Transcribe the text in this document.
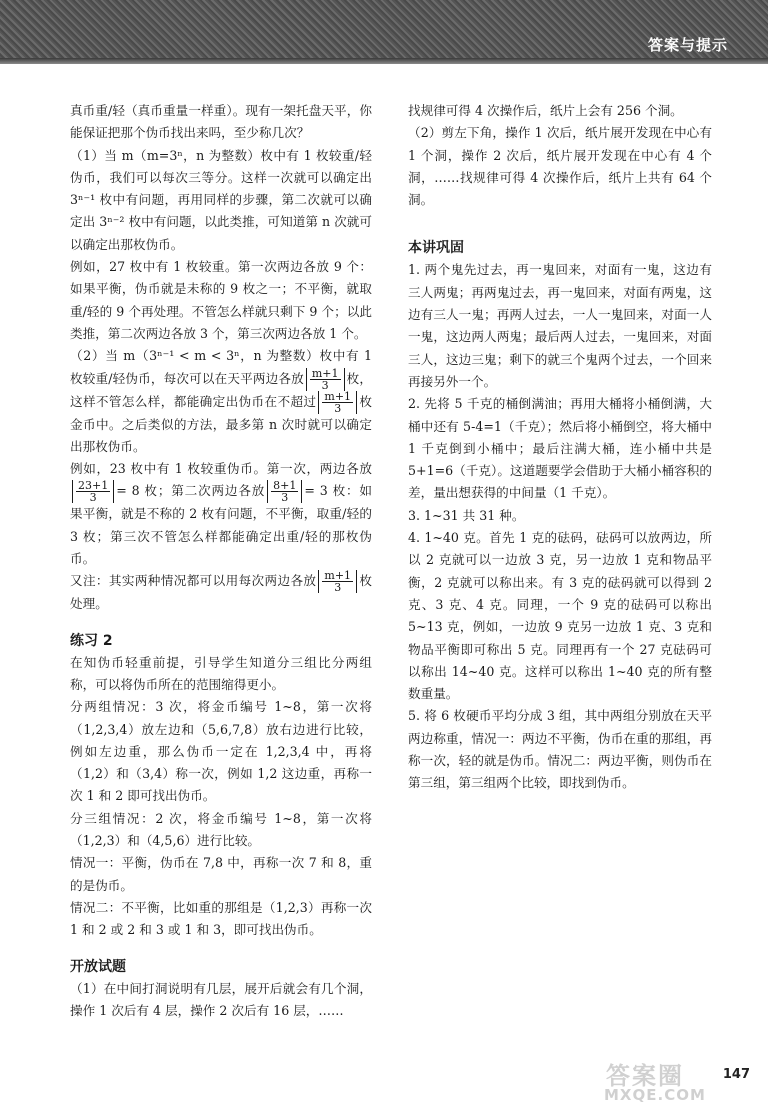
答案与提示

真币重/轻（真币重量一样重）。现有一架托盘天平，你能保证把那个伪币找出来吗，至少称几次？

（1）当 m（m=3ⁿ，n 为整数）枚中有 1 枚较重/轻伪币，我们可以每次三等分。这样一次就可以确定出 3ⁿ⁻¹ 枚中有问题，再用同样的步骤，第二次就可以确定出 3ⁿ⁻² 枚中有问题，以此类推，可知道第 n 次就可以确定出那枚伪币。

例如，27 枚中有 1 枚较重。第一次两边各放 9 个：如果平衡，伪币就是未称的 9 枚之一；不平衡，就取重/轻的 9 个再处理。不管怎么样就只剩下 9 个；以此类推，第二次两边各放 3 个，第三次两边各放 1 个。

（2）当 m（3ⁿ⁻¹ < m < 3ⁿ，n 为整数）枚中有 1 枚较重/轻伪币，每次可以在天平两边各放 $\frac{m+1}{3}$ 枚，这样不管怎么样，都能确定出伪币在不超过 $\frac{m+1}{3}$ 枚金币中。之后类似的方法，最多第 n 次时就可以确定出那枚伪币。

例如，23 枚中有 1 枚较重伪币。第一次，两边各放
$\frac{23+1}{3} = 8$ 枚；第二次两边各放 $\frac{8+1}{3} = 3$ 枚：如果平衡，就是不称的 2 枚有问题，不平衡，取重/轻的 3 枚；第三次不管怎么样都能确定出重/轻的那枚伪币。

又注：其实两种情况都可以用每次两边各放 $\frac{m+1}{3}$ 枚处理。

练习 2

在知伪币轻重前提，引导学生知道分三组比分两组称，可以将伪币所在的范围缩得更小。

分两组情况：3 次，将金币编号 1~8，第一次将（1,2,3,4）放左边和（5,6,7,8）放右边进行比较，例如左边重，那么伪币一定在 1,2,3,4 中，再将（1,2）和（3,4）称一次，例如 1,2 这边重，再称一次 1 和 2 即可找出伪币。

分三组情况：2 次，将金币编号 1~8，第一次将（1,2,3）和（4,5,6）进行比较。

情况一：平衡，伪币在 7,8 中，再称一次 7 和 8，重的是伪币。

情况二：不平衡，比如重的那组是（1,2,3）再称一次 1 和 2 或 2 和 3 或 1 和 3，即可找出伪币。

开放试题

（1）在中间打洞说明有几层，展开后就会有几个洞，操作 1 次后有 4 层，操作 2 次后有 16 层，……

找规律可得 4 次操作后，纸片上会有 256 个洞。

（2）剪左下角，操作 1 次后，纸片展开发现在中心有 1 个洞，操作 2 次后，纸片展开发现在中心有 4 个洞，……找规律可得 4 次操作后，纸片上共有 64 个洞。

本讲巩固

1. 两个鬼先过去，再一鬼回来，对面有一鬼，这边有三人两鬼；再两鬼过去，再一鬼回来，对面有两鬼，这边有三人一鬼；再两人过去，一人一鬼回来，对面一人一鬼，这边两人两鬼；最后两人过去，一鬼回来，对面三人，这边三鬼；剩下的就三个鬼两个过去，一个回来再接另外一个。

2. 先将 5 千克的桶倒满油；再用大桶将小桶倒满，大桶中还有 5-4=1（千克）；然后将小桶倒空，将大桶中 1 千克倒到小桶中；最后注满大桶，连小桶中共是 5+1=6（千克）。这道题要学会借助于大桶小桶容积的差，量出想获得的中间量（1 千克）。

3. 1~31 共 31 种。

4. 1~40 克。首先 1 克的砝码，砝码可以放两边，所以 2 克就可以一边放 3 克，另一边放 1 克和物品平衡，2 克就可以称出来。有 3 克的砝码就可以得到 2 克、3 克、4 克。同理，一个 9 克的砝码可以称出 5~13 克，例如，一边放 9 克另一边放 1 克、3 克和物品平衡即可称出 5 克。同理再有一个 27 克砝码可以称出 14~40 克。这样可以称出 1~40 克的所有整数重量。

5. 将 6 枚硬币平均分成 3 组，其中两组分别放在天平两边称重，情况一：两边不平衡，伪币在重的那组，再称一次，轻的就是伪币。情况二：两边平衡，则伪币在第三组，第三组两个比较，即找到伪币。

答案圈
MXQE.COM
147
